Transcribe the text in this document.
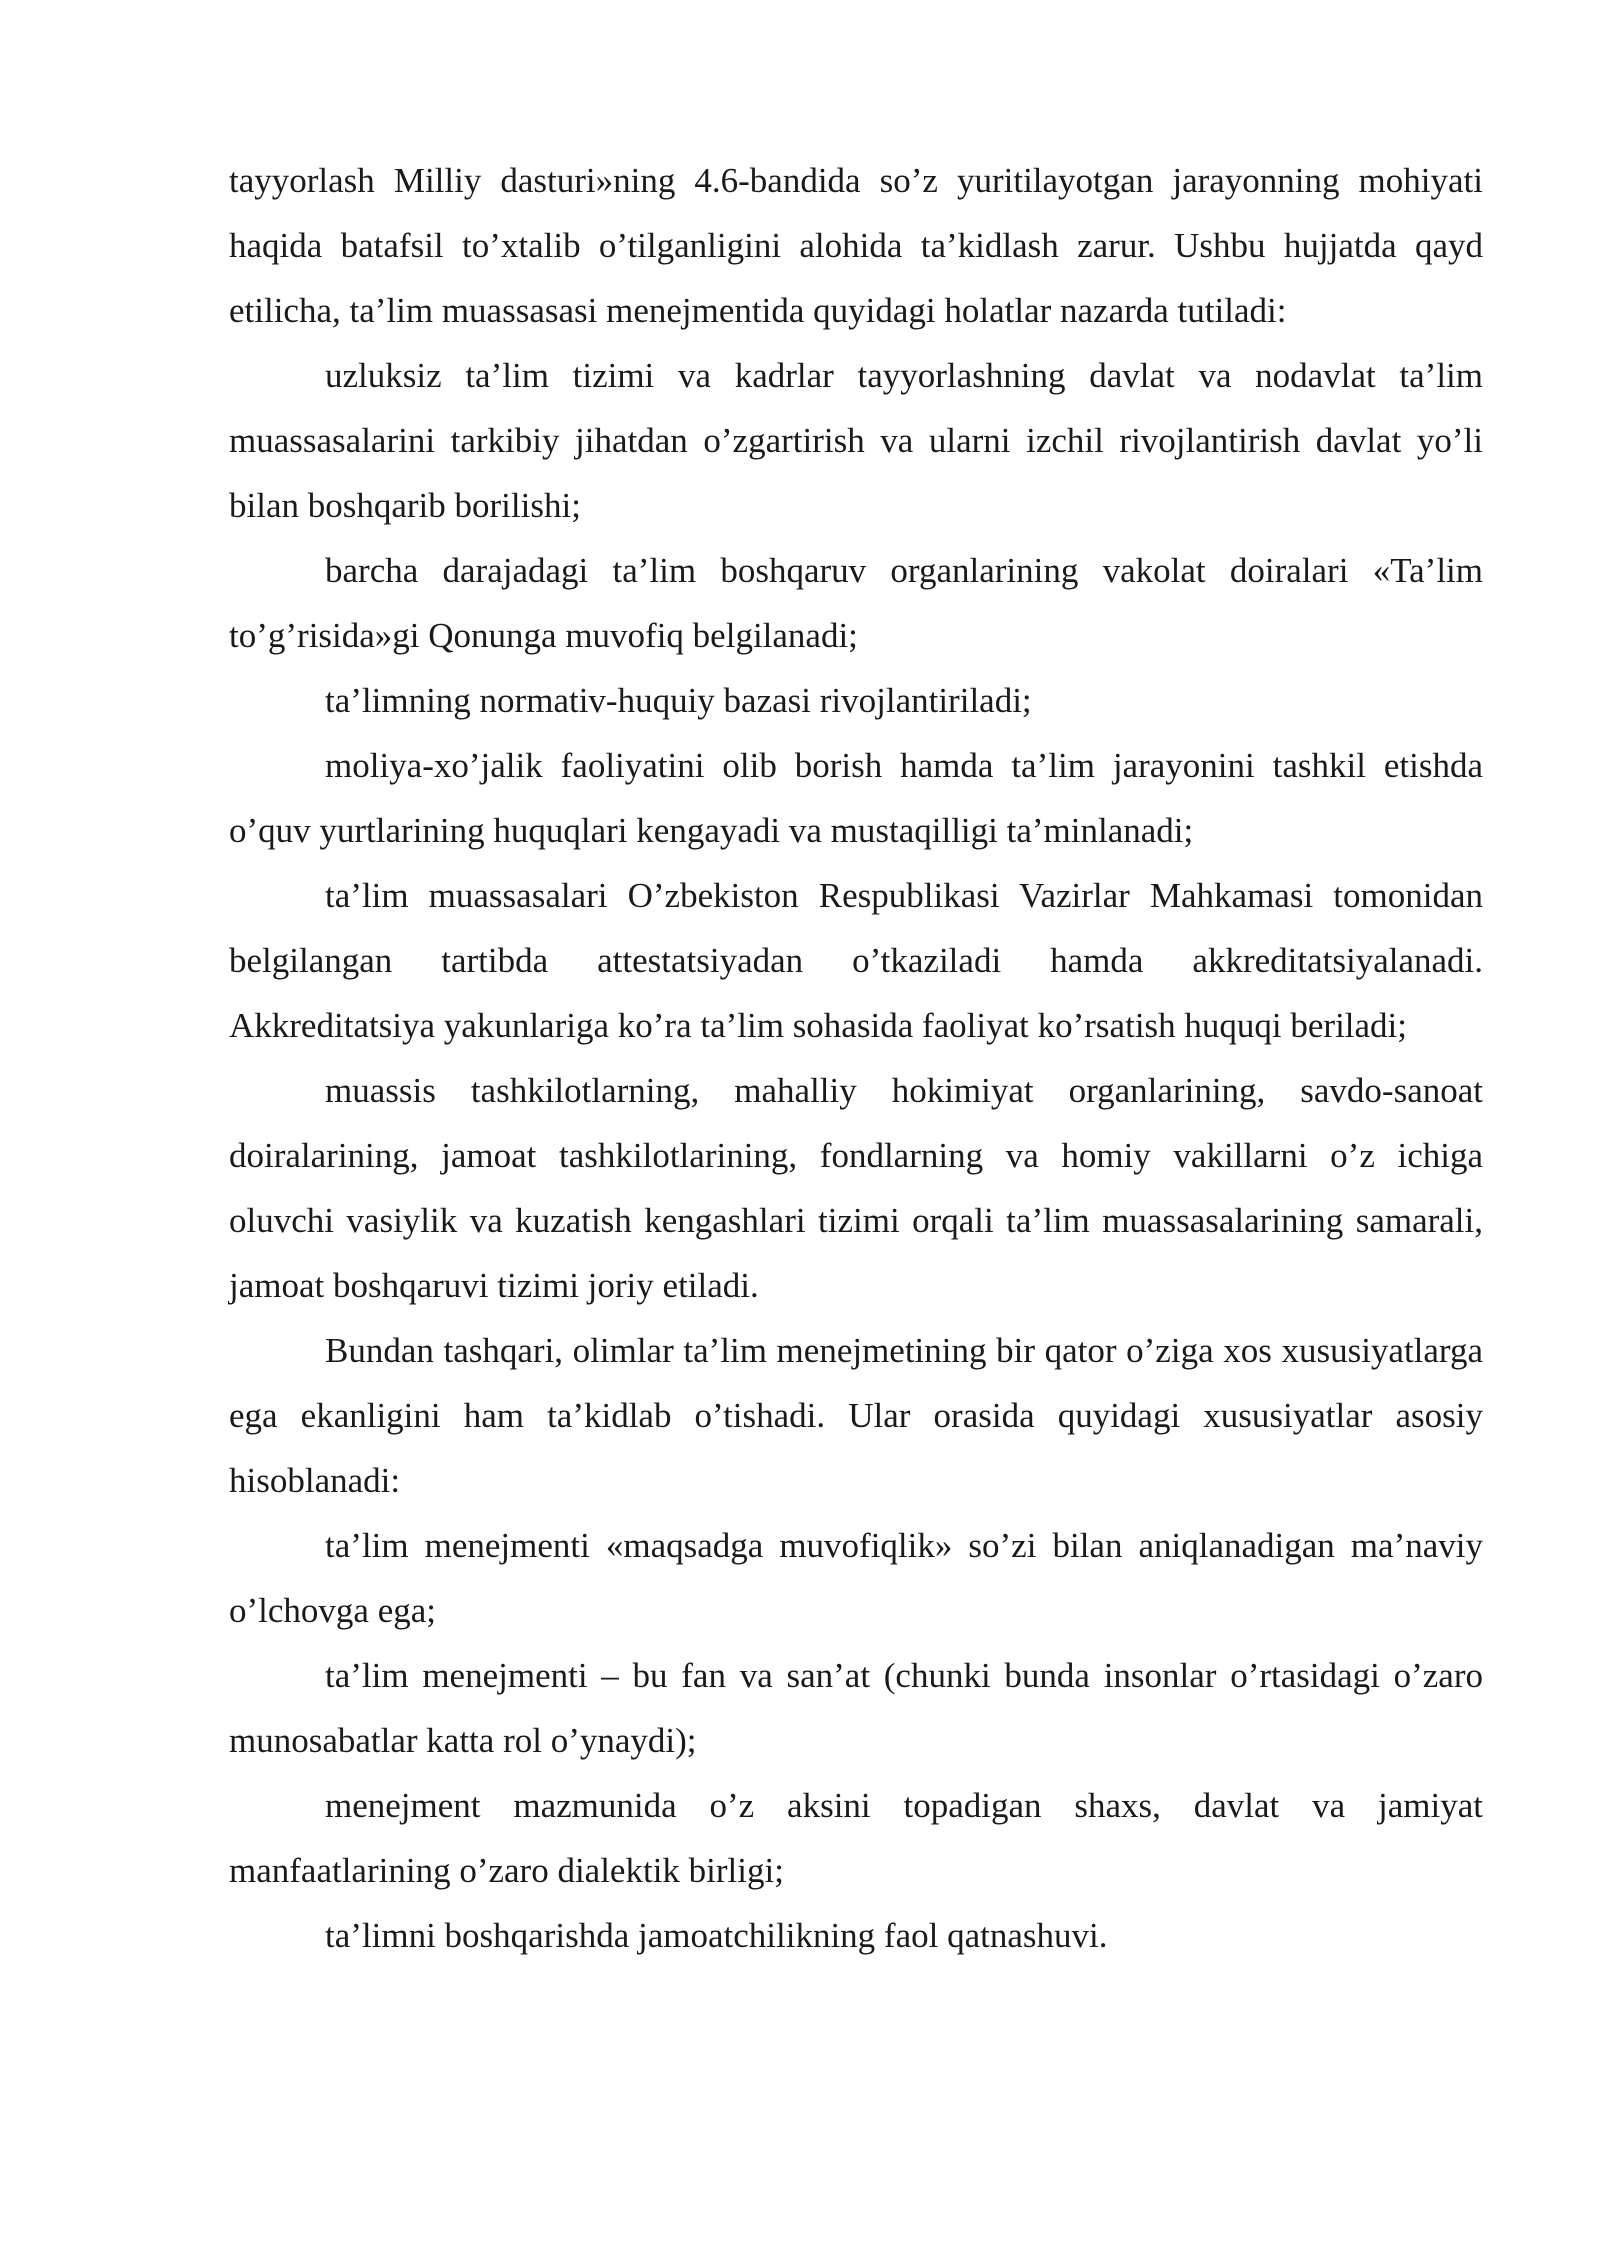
tayyorlash Milliy dasturi»ning 4.6-bandida so’z yuritilayotgan jarayonning mohiyati haqida batafsil to’xtalib o’tilganligini alohida ta’kidlash zarur. Ushbu hujjatda qayd etilicha, ta’lim muassasasi menejmentida quyidagi holatlar nazarda tutiladi:

uzluksiz ta’lim tizimi va kadrlar tayyorlashning davlat va nodavlat ta’lim muassasalarini tarkibiy jihatdan o’zgartirish va ularni izchil rivojlantirish davlat yo’li bilan boshqarib borilishi;

barcha darajadagi ta’lim boshqaruv organlarining vakolat doiralari «Ta’lim to’g’risida»gi Qonunga muvofiq belgilanadi;

ta’limning normativ-huquiy bazasi rivojlantiriladi;

moliya-xo’jalik faoliyatini olib borish hamda ta’lim jarayonini tashkil etishda o’quv yurtlarining huquqlari kengayadi va mustaqilligi ta’minlanadi;

ta’lim muassasalari O’zbekiston Respublikasi Vazirlar Mahkamasi tomonidan belgilangan tartibda attestatsiyadan o’tkaziladi hamda akkreditatsiyalanadi. Akkreditatsiya yakunlariga ko’ra ta’lim sohasida faoliyat ko’rsatish huquqi beriladi;

muassis tashkilotlarning, mahalliy hokimiyat organlarining, savdo-sanoat doiralarining, jamoat tashkilotlarining, fondlarning va homiy vakillarni o’z ichiga oluvchi vasiylik va kuzatish kengashlari tizimi orqali ta’lim muassasalarining samarali, jamoat boshqaruvi tizimi joriy etiladi.

Bundan tashqari, olimlar ta’lim menejmetining bir qator o’ziga xos xususiyatlarga ega ekanligini ham ta’kidlab o’tishadi. Ular orasida quyidagi xususiyatlar asosiy hisoblanadi:

ta’lim menejmenti «maqsadga muvofiqlik» so’zi bilan aniqlanadigan ma’naviy o’lchovga ega;

ta’lim menejmenti – bu fan va san’at (chunki bunda insonlar o’rtasidagi o’zaro munosabatlar katta rol o’ynaydi);

menejment mazmunida o’z aksini topadigan shaxs, davlat va jamiyat manfaatlarining o’zaro dialektik birligi;

ta’limni boshqarishda jamoatchilikning faol qatnashuvi.
